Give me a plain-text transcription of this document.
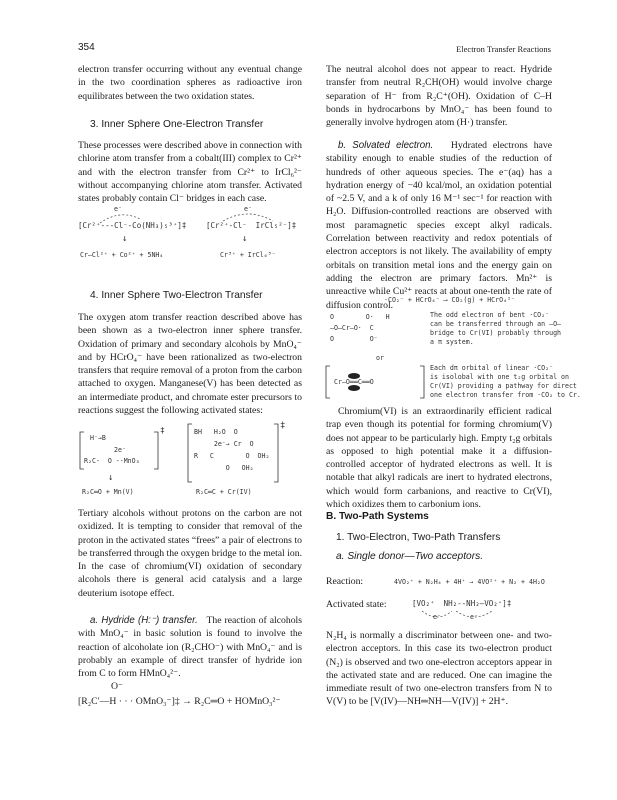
354	Electron Transfer Reactions
electron transfer occurring without any eventual change in the two coordination spheres as radioactive iron equilibrates between the two oxidation states.
3. Inner Sphere One-Electron Transfer
These processes were described above in connection with chlorine atom transfer from a cobalt(III) complex to Cr²⁺ and with the electron transfer from Cr²⁺ to IrCl₆²⁻ without accompanying chlorine atom transfer. Activated states probably contain Cl⁻ bridges in each case.
e⁻	e⁻
[Cr²⁺---Cl⁻-Co(NH₃)₅³⁺]‡	[Cr²⁺-Cl⁻  IrCl₅²⁻]‡
↓	↓
Cr–Cl²⁺ + Co²⁺ + 5NH₄	Cr³⁺ + IrCl₆³⁻
4. Inner Sphere Two-Electron Transfer
The oxygen atom transfer reaction described above has been shown as a two-electron inner sphere transfer. Oxidation of primary and secondary alcohols by MnO₄⁻ and by HCrO₄⁻ have been rationalized as two-electron transfers that require removal of a proton from the carbon attached to oxygen. Manganese(V) has been detected as an intermediate product, and chromate ester precursors to reactions suggest the following activated states:
H⁻→B
2e⁻
R₂C-  O --MnO₃
‡	BH   H₂O  O
2e⁻→ Cr  O
R   C        O  OH₂
O   OH₂
‡
↓
R₂C═O + Mn(V)	R₂C═C + Cr(IV)
Tertiary alcohols without protons on the carbon are not oxidized. It is tempting to consider that removal of the proton in the activated states “frees” a pair of electrons to be transferred through the oxygen bridge to the metal ion. In the case of chromium(VI) oxidation of secondary alcohols there is general acid catalysis and a large deuterium isotope effect.
a. Hydride (H:⁻) transfer. The reaction of alcohols with MnO₄⁻ in basic solution is found to involve the reaction of alcoholate ion (R₂CHO⁻) with MnO₄⁻ and is probably an example of direct transfer of hydride ion from C to form HMnO₄²⁻.
O⁻
[R₂C′—H · · · OMnO₃⁻]‡ → R₂C═O + HOMnO₃²⁻
The neutral alcohol does not appear to react. Hydride transfer from neutral R₂CH(OH) would involve charge separation of H⁻ from R₂C⁺(OH). Oxidation of C–H bonds in hydrocarbons by MnO₄⁻ has been found to generally involve hydrogen atom (H·) transfer.
b. Solvated electron. Hydrated electrons have stability enough to enable studies of the reduction of hundreds of other aqueous species. The e⁻(aq) has a hydration energy of −40 kcal/mol, an oxidation potential of ~2.5 V, and a k of only 16 M⁻¹ sec⁻¹ for reaction with H₂O. Diffusion-controlled reactions are observed with most paramagnetic species except alkyl radicals. Correlation between reactivity and redox potentials of electron acceptors is not likely. The availability of empty orbitals on transition metal ions and the energy gain on adding the electron are primary factors. Mn²⁺ is unreactive while Cu²⁺ reacts at about one-tenth the rate of diffusion control.
·CO₂⁻ + HCrO₄⁻ ⟶ CO₂(g) + HCrO₄²⁻
O        O·   H
–O—Cr—O·  C
O         O⁻
The odd electron of bent ·CO₂⁻
can be transferred through an –O–
bridge to Cr(VI) probably through
a π system.
or
Cr—O══C══O
Each dπ orbital of linear ·CO₂⁻
is isolobal with one t₂g orbital on
Cr(VI) providing a pathway for direct
one electron transfer from ·CO₂ to Cr.
Chromium(VI) is an extraordinarily efficient radical trap even though its potential for forming chromium(V) does not appear to be particularly high. Empty t₂g orbitals as opposed to high potential make it a diffusion-controlled acceptor of hydrated electrons as well. It is notable that alkyl radicals are inert to hydrated electrons, which would form carbanions, and reactive to Cr(VI), which oxidizes them to carbonium ions.
B. Two-Path Systems
1. Two-Electron, Two-Path Transfers
a. Single donor—Two acceptors.
Reaction:	4VO₂⁺ + N₂H₄ + 4H⁺ → 4VO²⁺ + N₂ + 4H₂O
Activated state:	[VO₂⁺  NH₂--NH₂—VO₂⁺]‡
e⁻	e⁻
N₂H₄ is normally a discriminator between one- and two-electron acceptors. In this case its two-electron product (N₂) is observed and two one-electron acceptors appear in the activated state and are reduced. One can imagine the immediate result of two one-electron transfers from N to V(V) to be [V(IV)—NH═NH—V(IV)] + 2H⁺.
